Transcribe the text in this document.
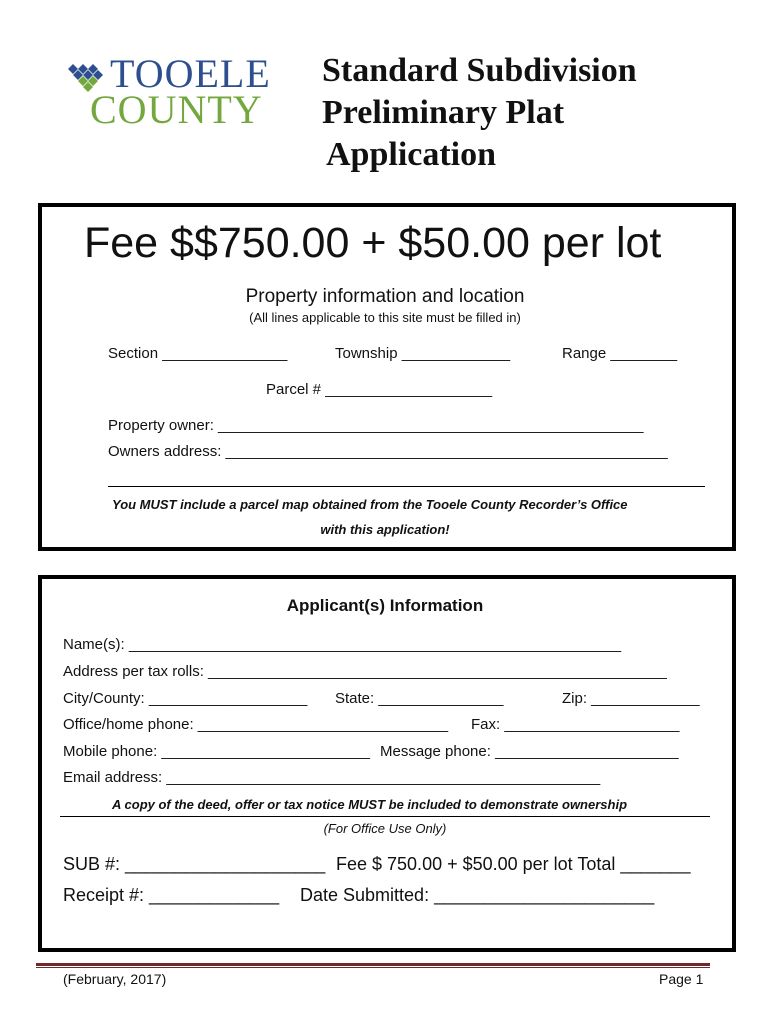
TOOELE
COUNTY
Standard Subdivision
Preliminary Plat
Application
Fee $$750.00 + $50.00 per lot
Property information and location
(All lines applicable to this site must be filled in)
Section _______________	Township _____________	Range ________
Parcel # ____________________
Property owner: ___________________________________________________
Owners address: _____________________________________________________
You MUST include a parcel map obtained from the Tooele County Recorder’s Office
with this application!
Applicant(s) Information
Name(s): ___________________________________________________________
Address per tax rolls: _______________________________________________________
City/County: ___________________ State: _______________	Zip: _____________
Office/home phone: ______________________________ Fax: _____________________
Mobile phone: _________________________ Message phone: ______________________
Email address: ____________________________________________________
A copy of the deed, offer or tax notice MUST be included to demonstrate ownership
(For Office Use Only)
SUB #: ____________________ Fee $ 750.00 + $50.00 per lot Total _______
Receipt #: _____________ Date Submitted: ______________________
(February, 2017)	Page 1
